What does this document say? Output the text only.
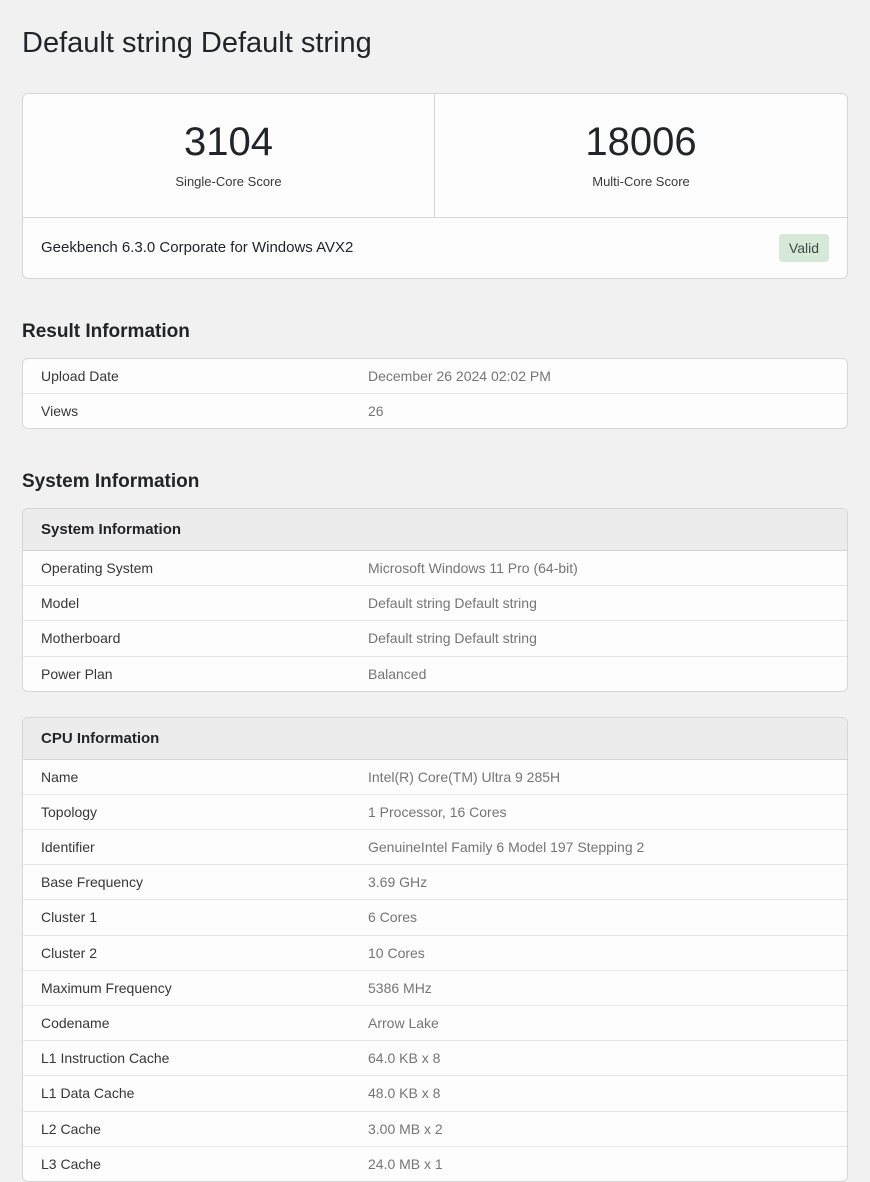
Default string Default string
3104
Single-Core Score
18006
Multi-Core Score
Geekbench 6.3.0 Corporate for Windows AVX2	Valid
Result Information
Upload Date	December 26 2024 02:02 PM
Views	26
System Information
System Information
Operating System	Microsoft Windows 11 Pro (64-bit)
Model	Default string Default string
Motherboard	Default string Default string
Power Plan	Balanced
CPU Information
Name	Intel(R) Core(TM) Ultra 9 285H
Topology	1 Processor, 16 Cores
Identifier	GenuineIntel Family 6 Model 197 Stepping 2
Base Frequency	3.69 GHz
Cluster 1	6 Cores
Cluster 2	10 Cores
Maximum Frequency	5386 MHz
Codename	Arrow Lake
L1 Instruction Cache	64.0 KB x 8
L1 Data Cache	48.0 KB x 8
L2 Cache	3.00 MB x 2
L3 Cache	24.0 MB x 1
